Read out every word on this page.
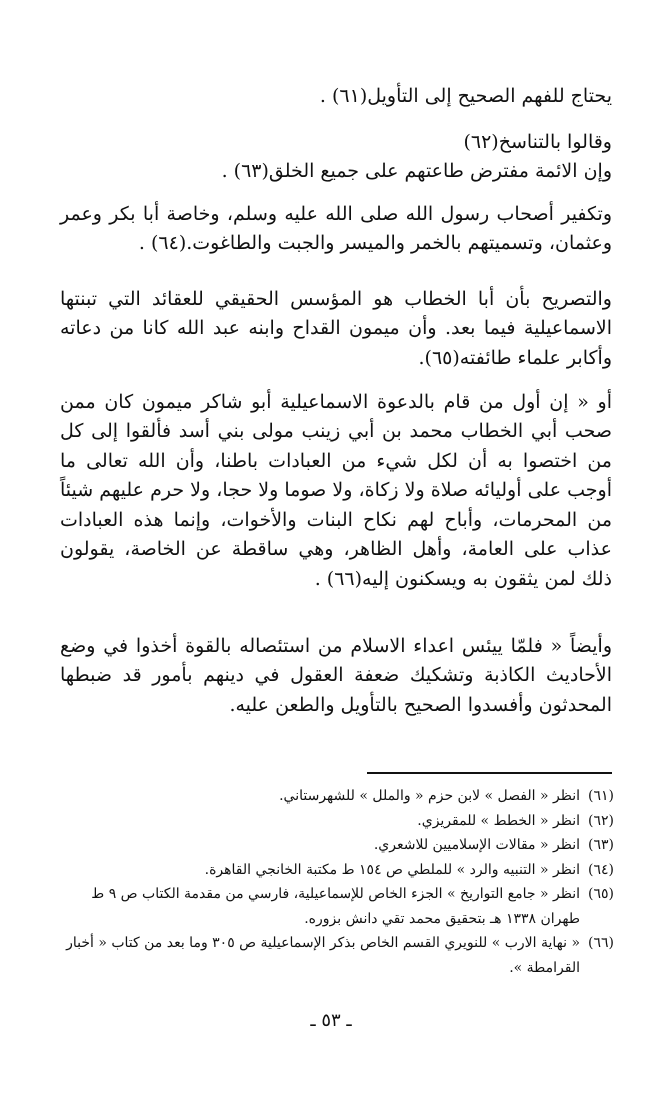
يحتاج للفهم الصحيح إلى التأويل(٦١) .

وقالوا بالتناسخ(٦٢)

وإن الائمة مفترض طاعتهم على جميع الخلق(٦٣) .

وتكفير أصحاب رسول الله صلى الله عليه وسلم، وخاصة أبا بكر وعمر وعثمان، وتسميتهم بالخمر والميسر والجبت والطاغوت.(٦٤) .

والتصريح بأن أبا الخطاب هو المؤسس الحقيقي للعقائد التي تبنتها الاسماعيلية فيما بعد. وأن ميمون القداح وابنه عبد الله كانا من دعاته وأكابر علماء طائفته(٦٥).

أو « إن أول من قام بالدعوة الاسماعيلية أبو شاكر ميمون كان ممن صحب أبي الخطاب محمد بن أبي زينب مولى بني أسد فألقوا إلى كل من اختصوا به أن لكل شيء من العبادات باطنا، وأن الله تعالى ما أوجب على أوليائه صلاة ولا زكاة، ولا صوما ولا حجا، ولا حرم عليهم شيئاً من المحرمات، وأباح لهم نكاح البنات والأخوات، وإنما هذه العبادات عذاب على العامة، وأهل الظاهر، وهي ساقطة عن الخاصة، يقولون ذلك لمن يثقون به ويسكنون إليه(٦٦) .

وأيضاً « فلمّا ييئس اعداء الاسلام من استئصاله بالقوة أخذوا في وضع الأحاديث الكاذبة وتشكيك ضعفة العقول في دينهم بأمور قد ضبطها المحدثون وأفسدوا الصحيح بالتأويل والطعن عليه.

(٦١)
انظر « الفصل » لابن حزم « والملل » للشهرستاني.
(٦٢)
انظر « الخطط » للمقريزي.
(٦٣)
انظر « مقالات الإسلاميين للاشعري.
(٦٤)
انظر « التنبيه والرد » للملطي ص ١٥٤ ط مكتبة الخانجي القاهرة.
(٦٥)
انظر « جامع التواريخ » الجزء الخاص للإسماعيلية، فارسي من مقدمة الكتاب ص ٩ ط طهران ١٣٣٨ هـ بتحقيق محمد تقي دانش بزوره.
(٦٦)
« نهاية الارب » للنويري القسم الخاص بذكر الإسماعيلية ص ٣٠٥ وما بعد من كتاب « أخبار القرامطة ».
ـ ٥٣ ـ
